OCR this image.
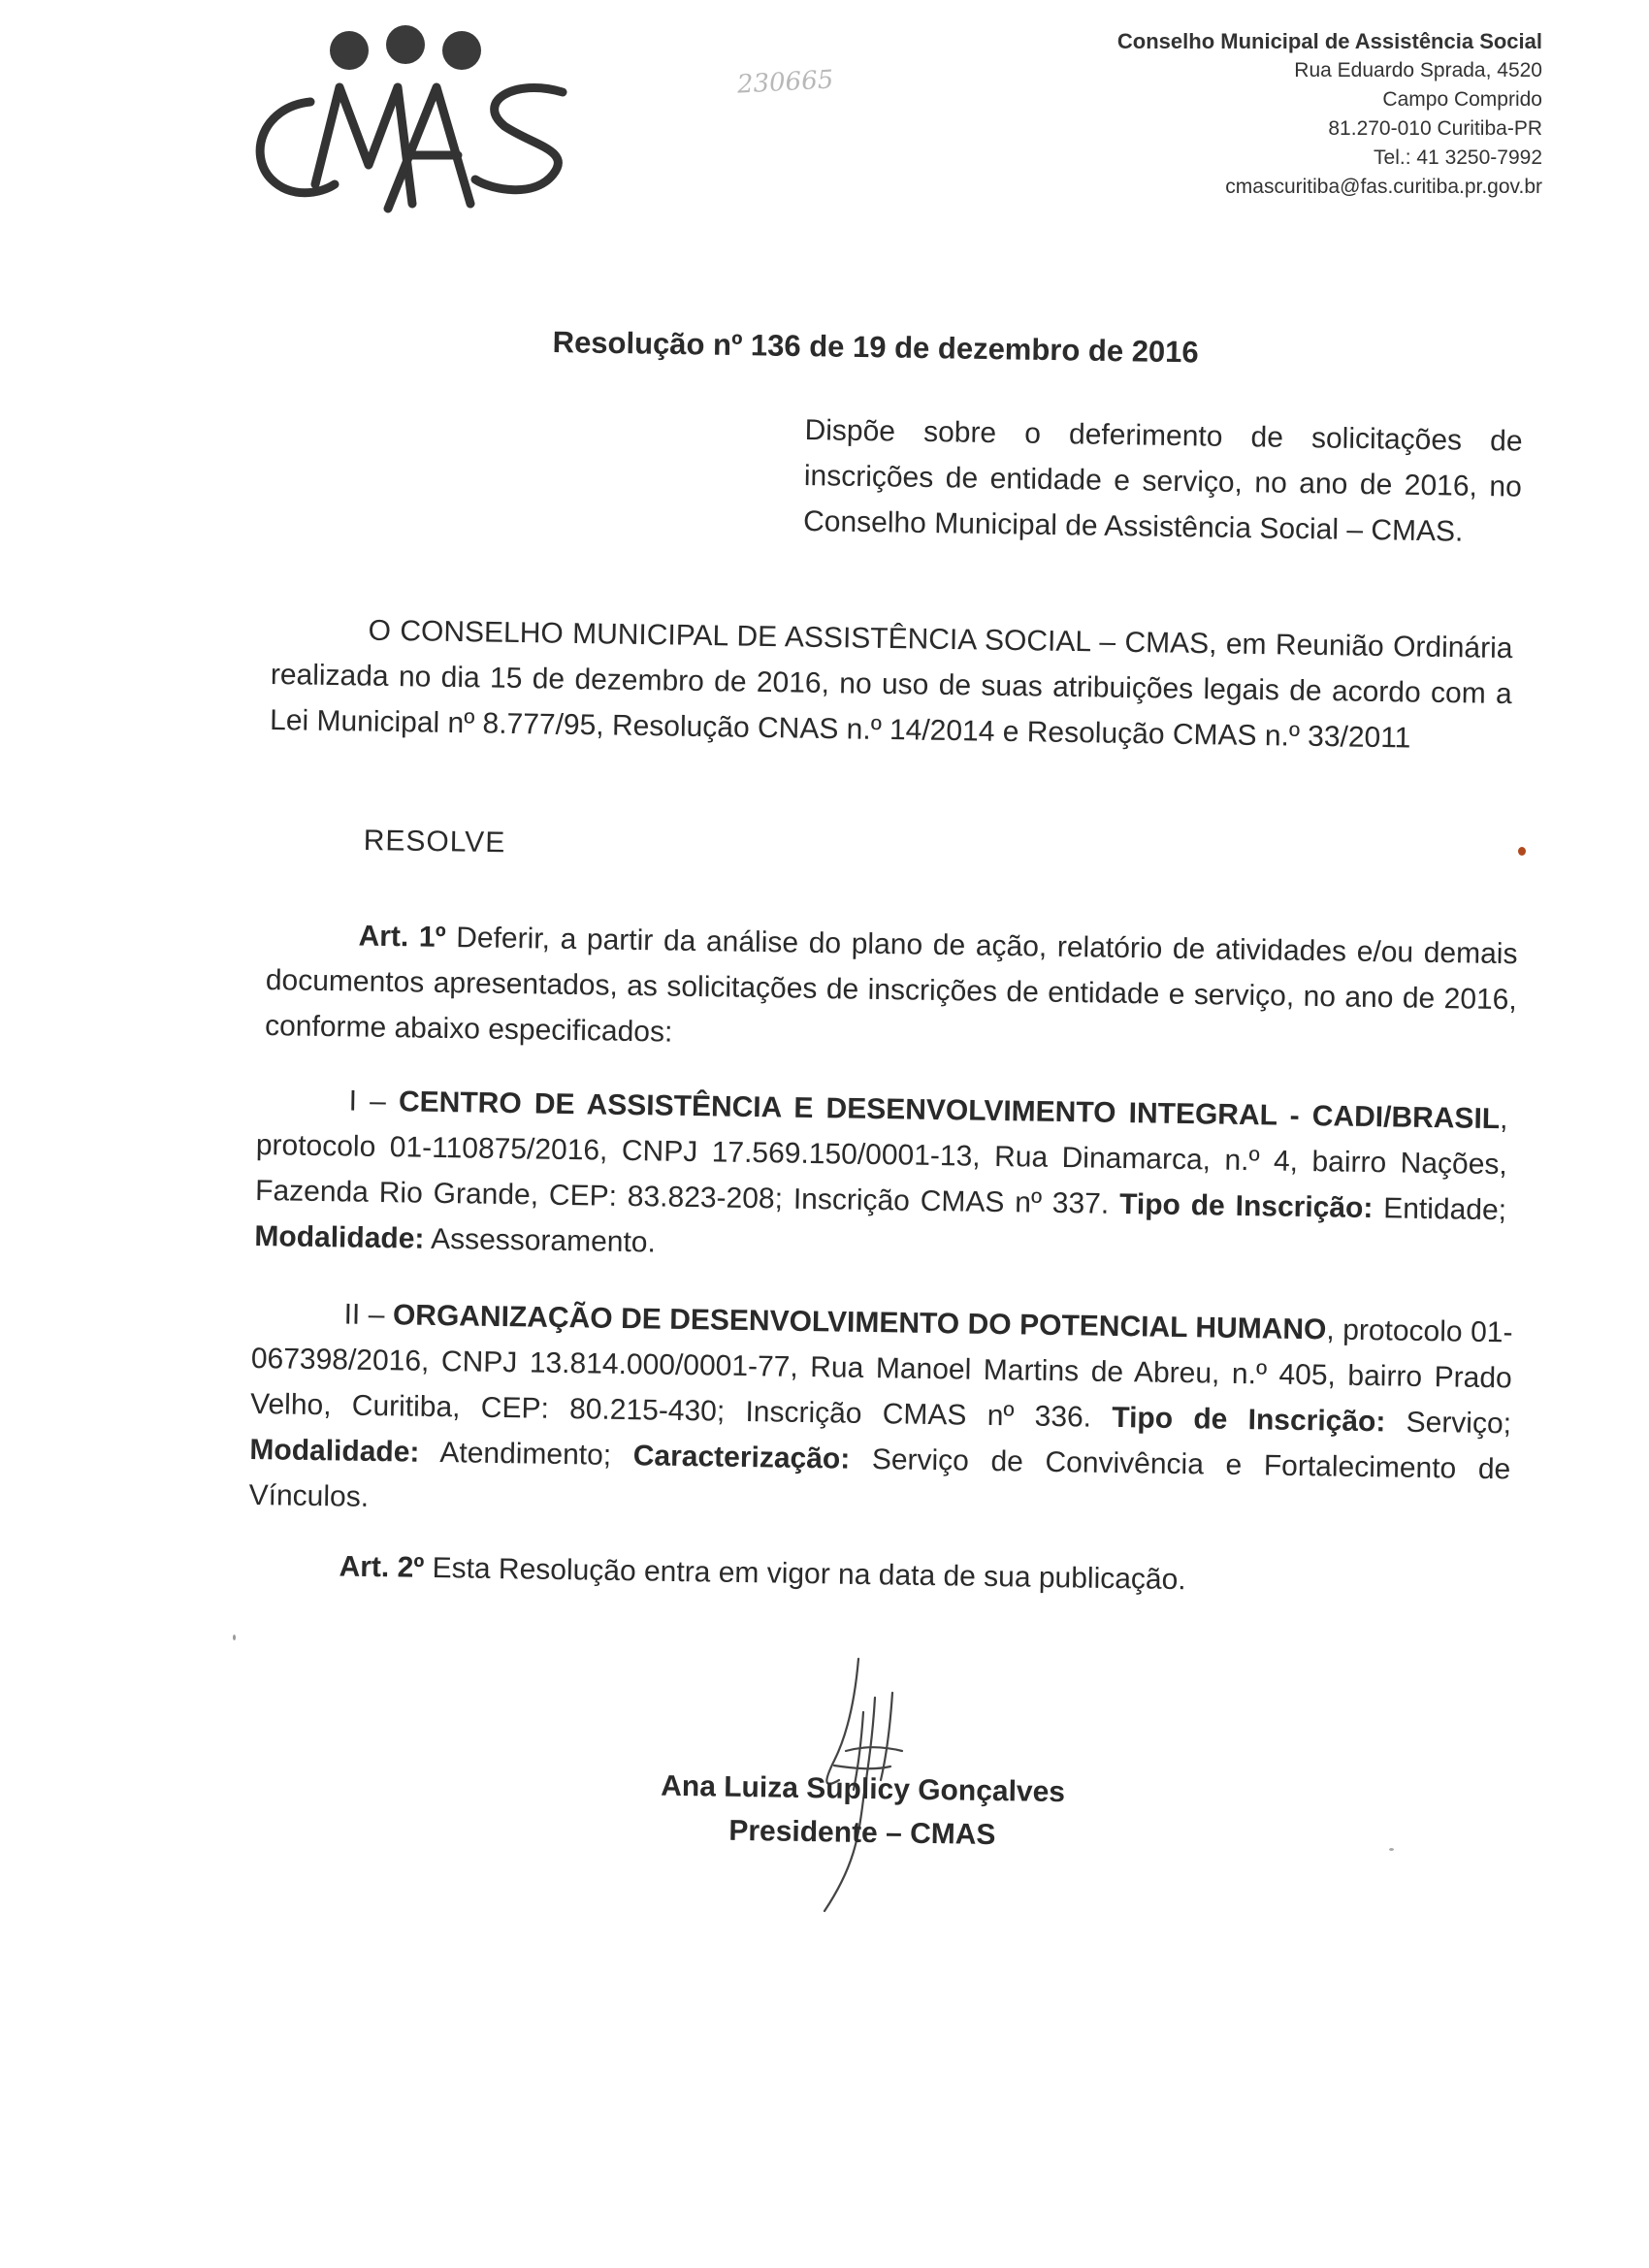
230665
Conselho Municipal de Assistência Social
Rua Eduardo Sprada, 4520
Campo Comprido
81.270-010 Curitiba-PR
Tel.: 41 3250-7992
cmascuritiba@fas.curitiba.pr.gov.br
Resolução nº 136 de 19 de dezembro de 2016
Dispõe sobre o deferimento de solicitações de inscrições de entidade e serviço, no ano de 2016, no Conselho Municipal de Assistência Social – CMAS.
O CONSELHO MUNICIPAL DE ASSISTÊNCIA SOCIAL – CMAS, em Reunião Ordinária realizada no dia 15 de dezembro de 2016, no uso de suas atribuições legais de acordo com a Lei Municipal nº 8.777/95, Resolução CNAS n.º 14/2014 e Resolução CMAS n.º 33/2011
RESOLVE

Art. 1º Deferir, a partir da análise do plano de ação, relatório de atividades e/ou demais documentos apresentados, as solicitações de inscrições de entidade e serviço, no ano de 2016, conforme abaixo especificados:

I – CENTRO DE ASSISTÊNCIA E DESENVOLVIMENTO INTEGRAL - CADI/BRASIL, protocolo 01-110875/2016, CNPJ 17.569.150/0001-13, Rua Dinamarca, n.º 4, bairro Nações, Fazenda Rio Grande, CEP: 83.823-208; Inscrição CMAS nº 337. Tipo de Inscrição: Entidade; Modalidade: Assessoramento.

II – ORGANIZAÇÃO DE DESENVOLVIMENTO DO POTENCIAL HUMANO, protocolo 01-067398/2016, CNPJ 13.814.000/0001-77, Rua Manoel Martins de Abreu, n.º 405, bairro Prado Velho, Curitiba, CEP: 80.215-430; Inscrição CMAS nº 336. Tipo de Inscrição: Serviço; Modalidade: Atendimento; Caracterização: Serviço de Convivência e Fortalecimento de Vínculos.

Art. 2º Esta Resolução entra em vigor na data de sua publicação.

Ana Luiza Suplicy Gonçalves
Presidente – CMAS
